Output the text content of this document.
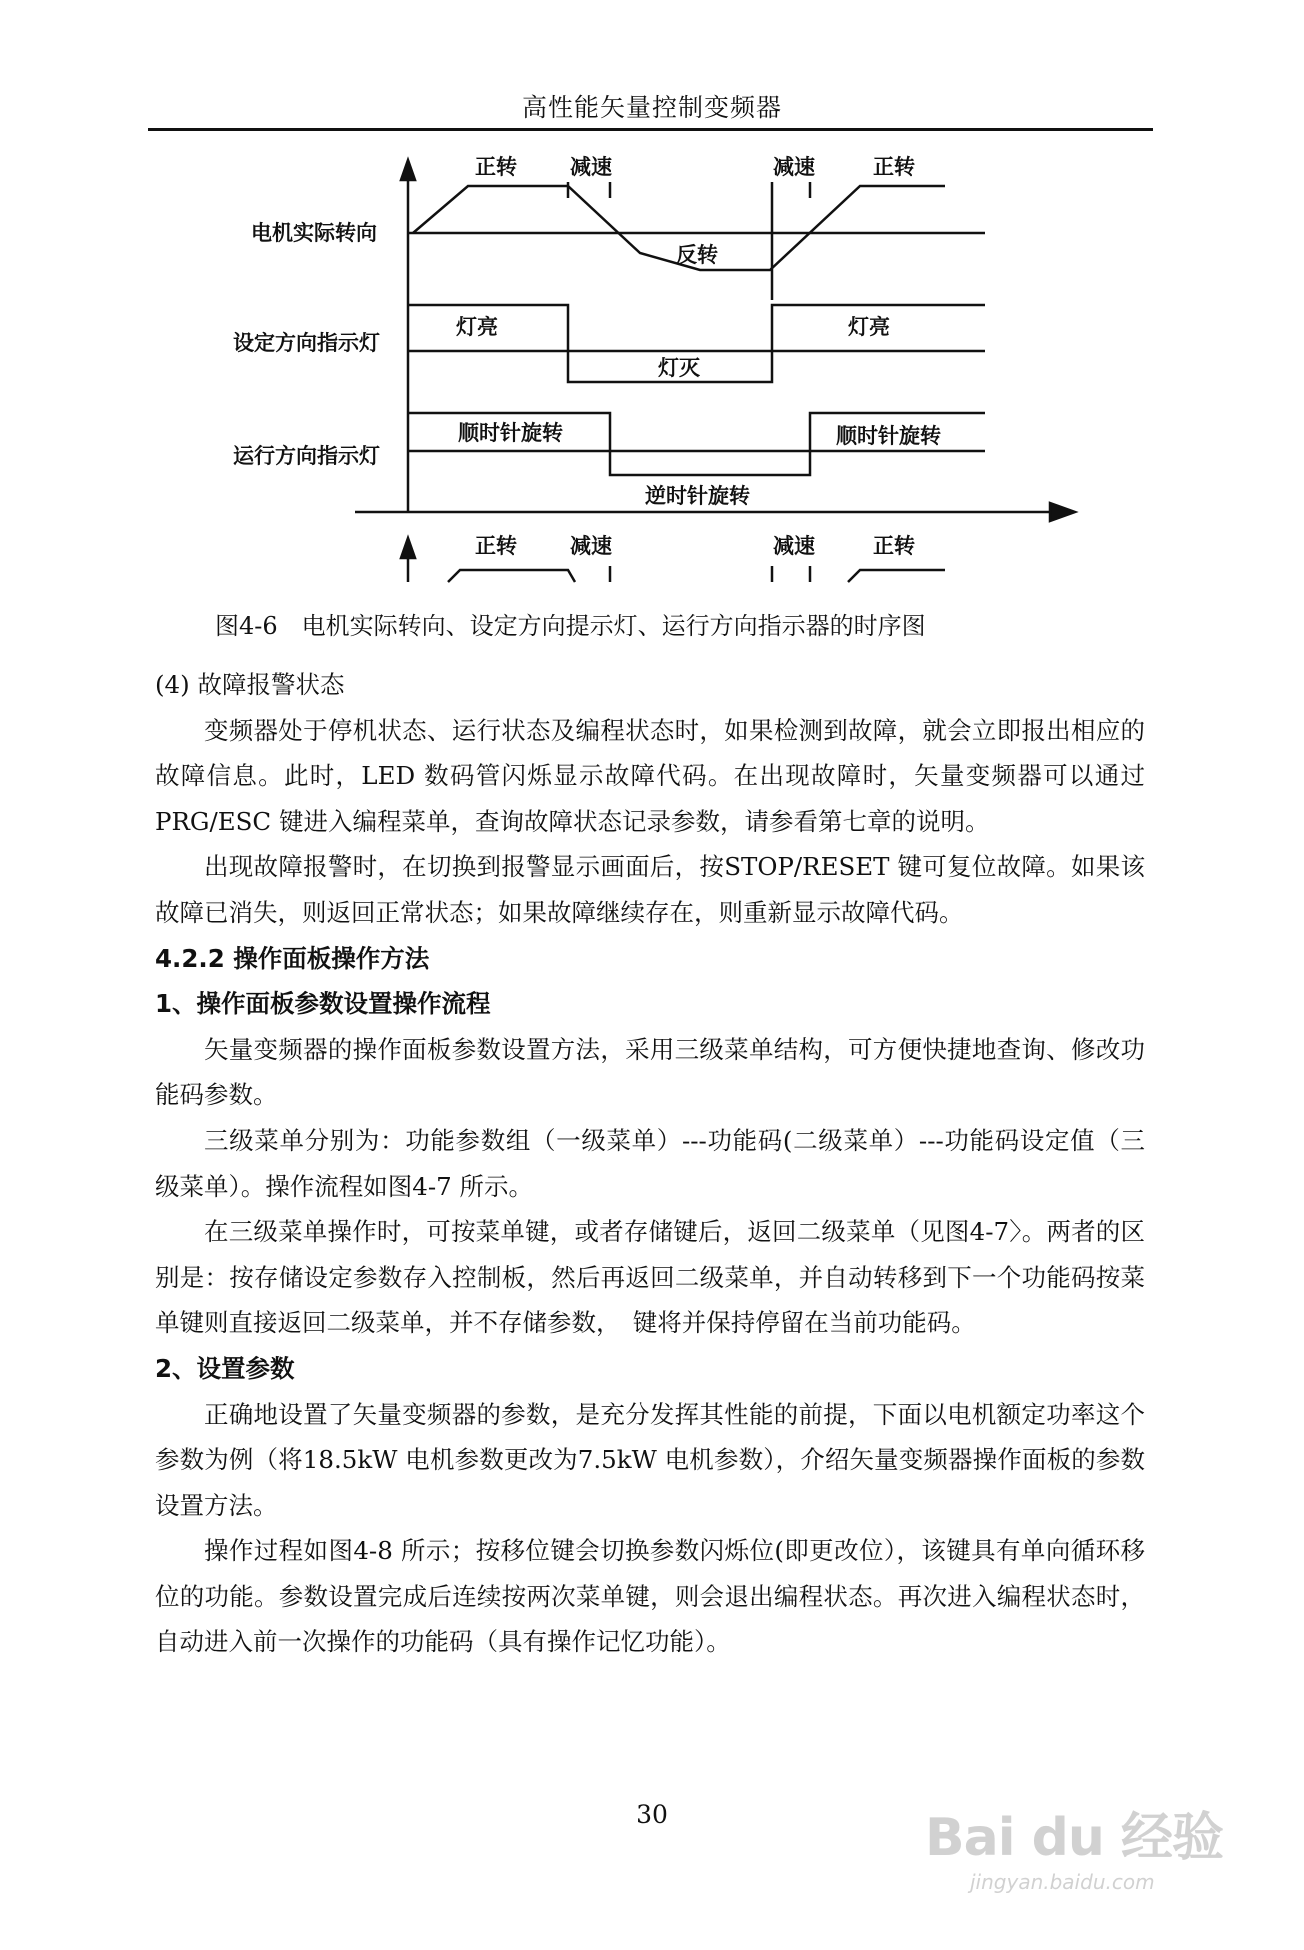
高性能矢量控制变频器
电机实际转向
设定方向指示灯
运行方向指示灯
正转	减速	减速	正转
反转
灯亮	灯亮
灯灭
顺时针旋转	顺时针旋转
逆时针旋转
正转	减速	减速	正转
图4-6　电机实际转向、设定方向提示灯、运行方向指示器的时序图

(4) 故障报警状态

变频器处于停机状态、运行状态及编程状态时，如果检测到故障，就会立即报出相应的故障信息。此时，LED 数码管闪烁显示故障代码。在出现故障时，矢量变频器可以通过PRG/ESC 键进入编程菜单，查询故障状态记录参数，请参看第七章的说明。

出现故障报警时，在切换到报警显示画面后，按STOP/RESET 键可复位故障。如果该故障已消失，则返回正常状态；如果故障继续存在，则重新显示故障代码。

4.2.2 操作面板操作方法

1、操作面板参数设置操作流程

矢量变频器的操作面板参数设置方法，采用三级菜单结构，可方便快捷地查询、修改功能码参数。

三级菜单分别为：功能参数组（一级菜单）---功能码(二级菜单）---功能码设定值（三级菜单）。操作流程如图4-7 所示。

在三级菜单操作时，可按菜单键，或者存储键后，返回二级菜单（见图4-7〉。两者的区别是：按存储设定参数存入控制板，然后再返回二级菜单，并自动转移到下一个功能码按菜单键则直接返回二级菜单，并不存储参数，　键将并保持停留在当前功能码。

2、设置参数

正确地设置了矢量变频器的参数，是充分发挥其性能的前提，下面以电机额定功率这个参数为例（将18.5kW 电机参数更改为7.5kW 电机参数），介绍矢量变频器操作面板的参数设置方法。

操作过程如图4-8 所示；按移位键会切换参数闪烁位(即更改位），该键具有单向循环移位的功能。参数设置完成后连续按两次菜单键，则会退出编程状态。再次进入编程状态时，自动进入前一次操作的功能码（具有操作记忆功能）。

30	Bai du 经验
jingyan.baidu.com
